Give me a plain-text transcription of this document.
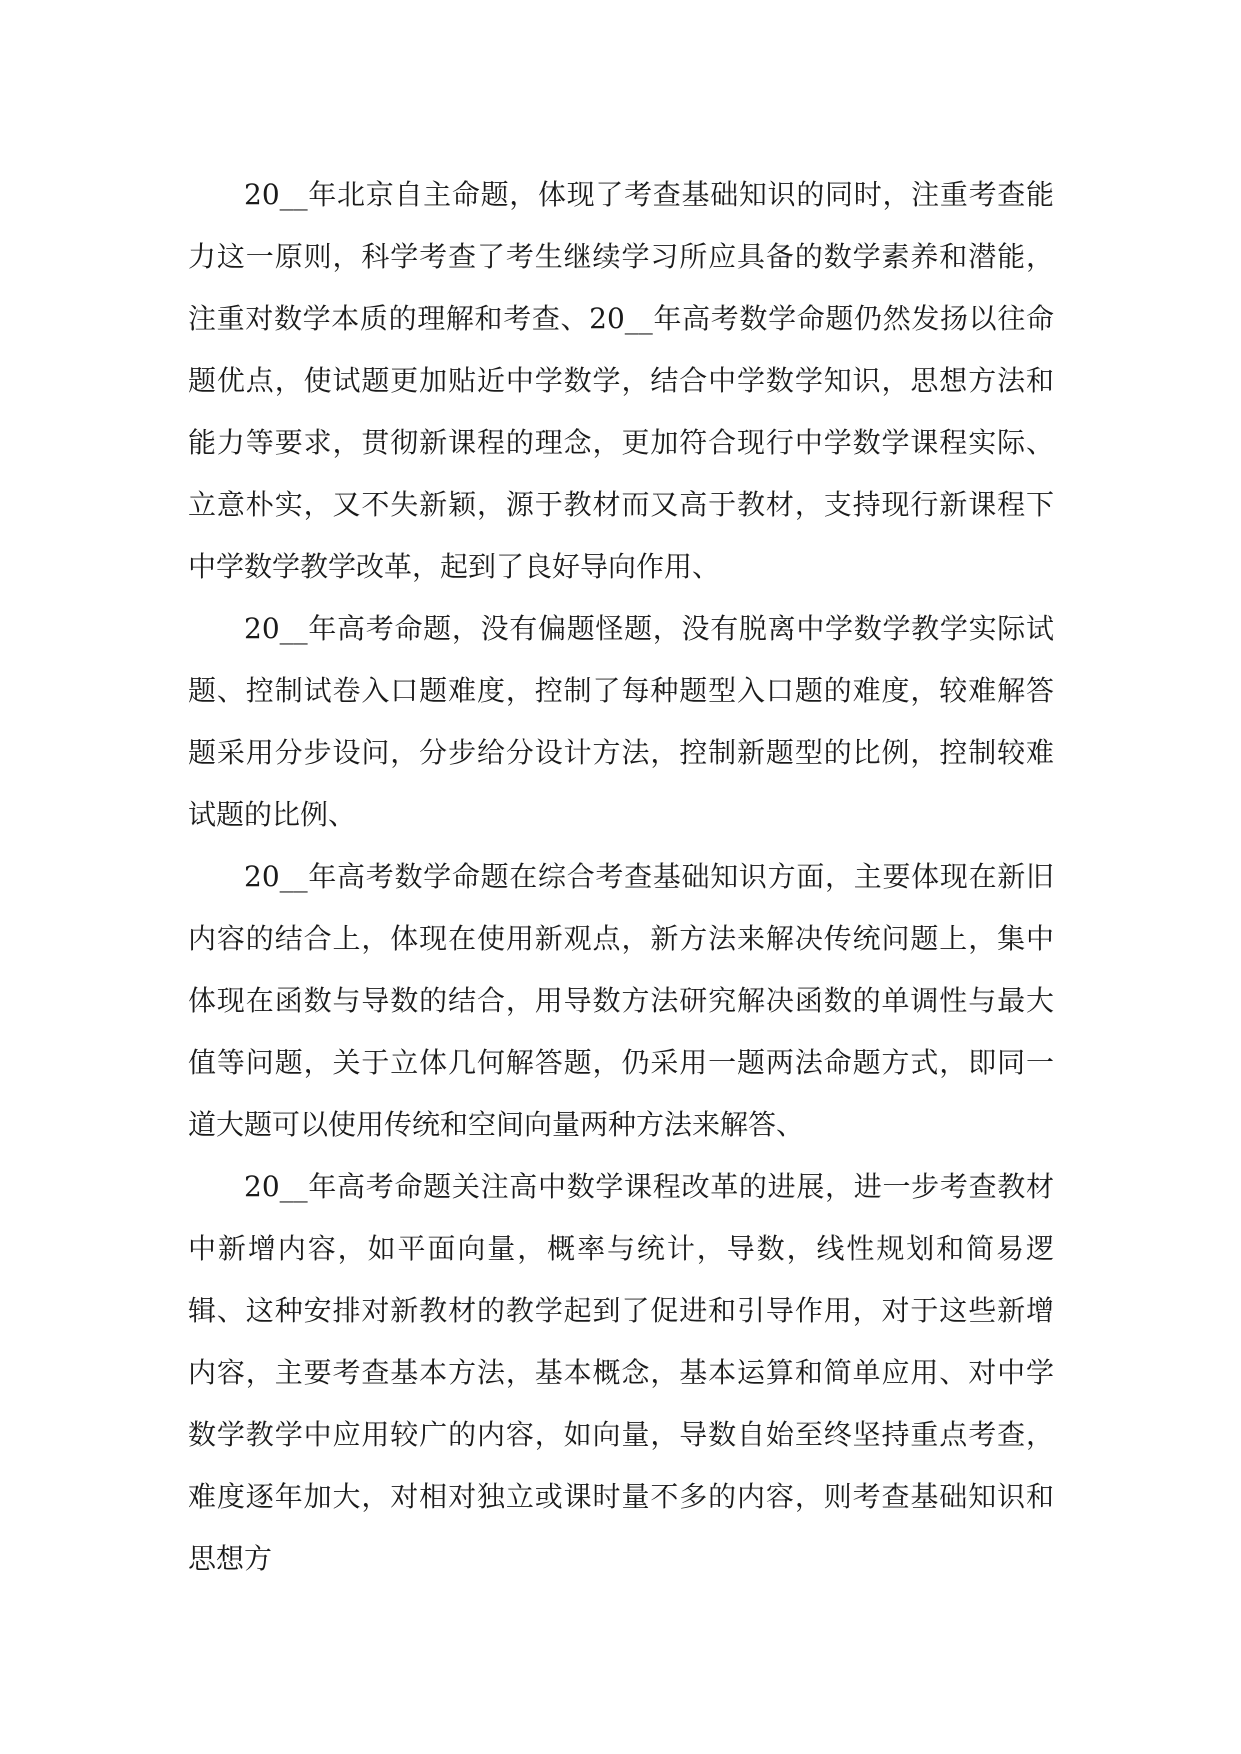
20__年北京自主命题，体现了考查基础知识的同时，注重考查能力这一原则，科学考查了考生继续学习所应具备的数学素养和潜能，注重对数学本质的理解和考查、20__年高考数学命题仍然发扬以往命题优点，使试题更加贴近中学数学，结合中学数学知识，思想方法和能力等要求，贯彻新课程的理念，更加符合现行中学数学课程实际、立意朴实，又不失新颖，源于教材而又高于教材，支持现行新课程下中学数学教学改革，起到了良好导向作用、

20__年高考命题，没有偏题怪题，没有脱离中学数学教学实际试题、控制试卷入口题难度，控制了每种题型入口题的难度，较难解答题采用分步设问，分步给分设计方法，控制新题型的比例，控制较难试题的比例、

20__年高考数学命题在综合考查基础知识方面，主要体现在新旧内容的结合上，体现在使用新观点，新方法来解决传统问题上，集中体现在函数与导数的结合，用导数方法研究解决函数的单调性与最大值等问题，关于立体几何解答题，仍采用一题两法命题方式，即同一道大题可以使用传统和空间向量两种方法来解答、

20__年高考命题关注高中数学课程改革的进展，进一步考查教材中新增内容，如平面向量，概率与统计，导数，线性规划和简易逻辑、这种安排对新教材的教学起到了促进和引导作用，对于这些新增内容，主要考查基本方法，基本概念，基本运算和简单应用、对中学数学教学中应用较广的内容，如向量，导数自始至终坚持重点考查，难度逐年加大，对相对独立或课时量不多的内容，则考查基础知识和思想方
